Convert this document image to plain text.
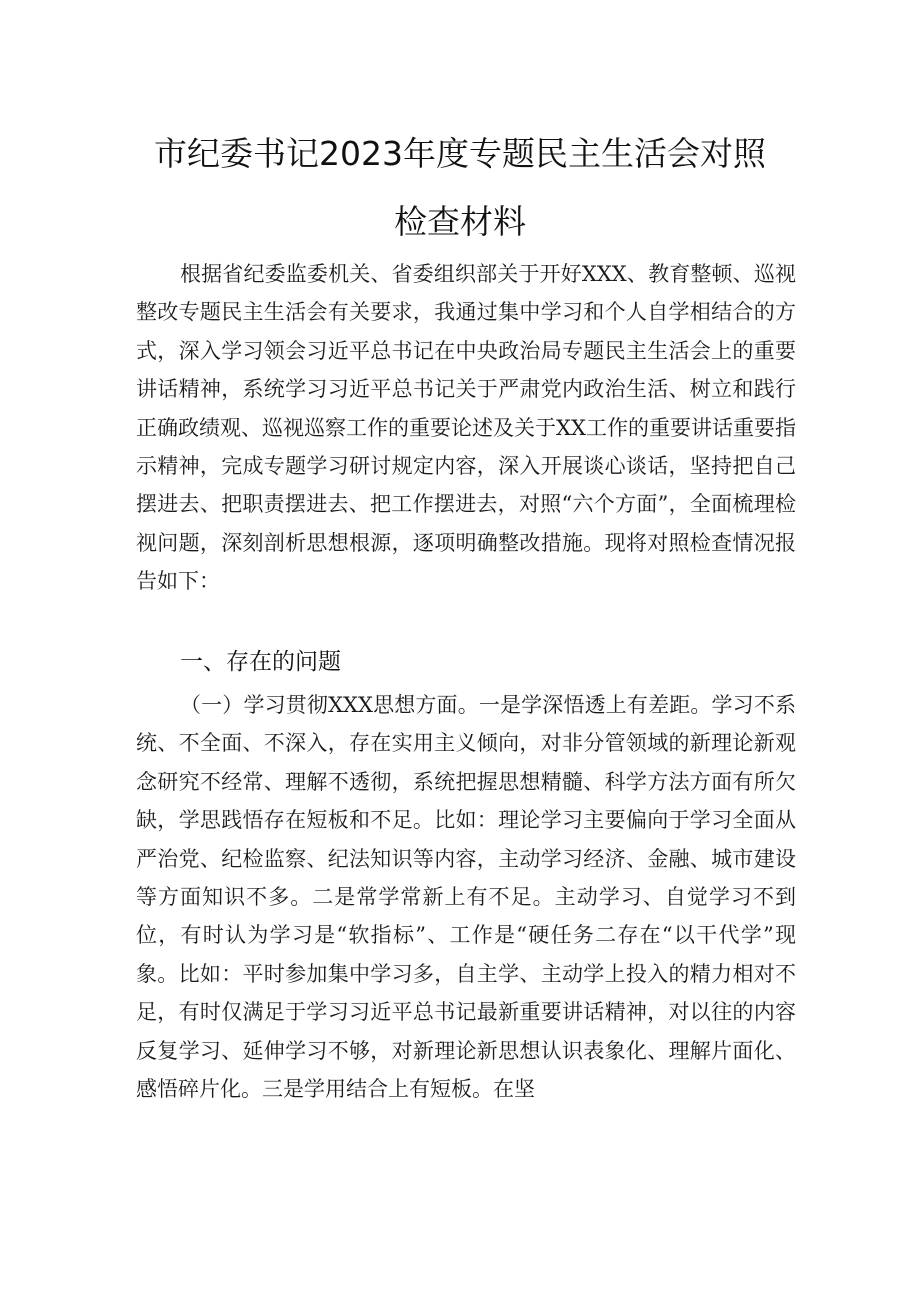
市纪委书记2023年度专题民主生活会对照
检查材料
根据省纪委监委机关、省委组织部关于开好XXX、教育整顿、巡视整改专题民主生活会有关要求，我通过集中学习和个人自学相结合的方式，深入学习领会习近平总书记在中央政治局专题民主生活会上的重要讲话精神，系统学习习近平总书记关于严肃党内政治生活、树立和践行正确政绩观、巡视巡察工作的重要论述及关于XX工作的重要讲话重要指示精神，完成专题学习研讨规定内容，深入开展谈心谈话，坚持把自己摆进去、把职责摆进去、把工作摆进去，对照“六个方面”，全面梳理检视问题，深刻剖析思想根源，逐项明确整改措施。现将对照检查情况报告如下：
一、存在的问题
（一）学习贯彻XXX思想方面。一是学深悟透上有差距。学习不系统、不全面、不深入，存在实用主义倾向，对非分管领域的新理论新观念研究不经常、理解不透彻，系统把握思想精髓、科学方法方面有所欠缺，学思践悟存在短板和不足。比如：理论学习主要偏向于学习全面从严治党、纪检监察、纪法知识等内容，主动学习经济、金融、城市建设等方面知识不多。二是常学常新上有不足。主动学习、自觉学习不到位，有时认为学习是“软指标”、工作是“硬任务二存在“以干代学”现象。比如：平时参加集中学习多，自主学、主动学上投入的精力相对不足，有时仅满足于学习习近平总书记最新重要讲话精神，对以往的内容反复学习、延伸学习不够，对新理论新思想认识表象化、理解片面化、感悟碎片化。三是学用结合上有短板。在坚
